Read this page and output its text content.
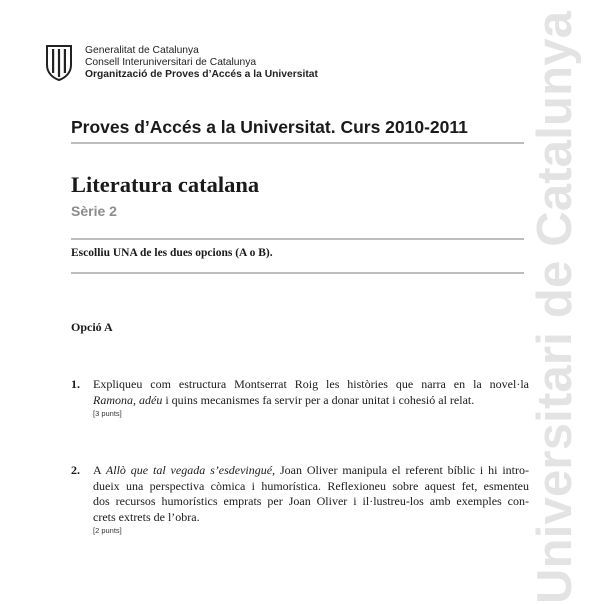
Universitari de Catalunya
Generalitat de Catalunya
Consell Interuniversitari de Catalunya
Organització de Proves d’Accés a la Universitat
Proves d’Accés a la Universitat. Curs 2010-2011
Literatura catalana
Sèrie 2
Escolliu UNA de les dues opcions (A o B).
Opció A
1. Expliqueu com estructura Montserrat Roig les històries que narra en la novel·la
Ramona, adéu i quins mecanismes fa servir per a donar unitat i cohesió al relat.
[3 punts]
2. A Allò que tal vegada s’esdevingué, Joan Oliver manipula el referent bíblic i hi intro-
dueix una perspectiva còmica i humorística. Reflexioneu sobre aquest fet, esmenteu
dos recursos humorístics emprats per Joan Oliver i il·lustreu-los amb exemples con-
crets extrets de l’obra.
[2 punts]
